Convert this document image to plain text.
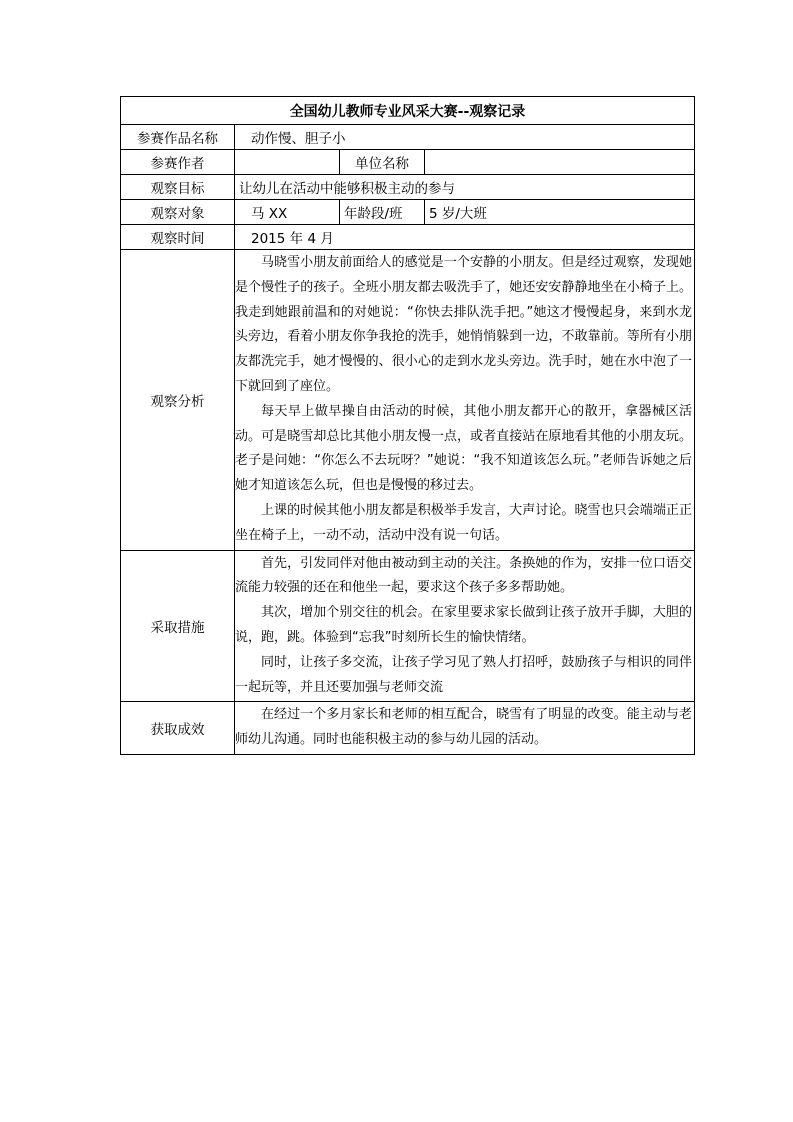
全国幼儿教师专业风采大赛--观察记录			
参赛作品名称	动作慢、胆子小		
参赛作者		单位名称	
观察目标	让幼儿在活动中能够积极主动的参与		
观察对象	马 XX	年龄段/班	5 岁/大班
观察时间	2015 年 4 月		
观察分析	马晓雪小朋友前面给人的感觉是一个安静的小朋友。但是经过观察，发现她是个慢性子的孩子。全班小朋友都去吸洗手了，她还安安静静地坐在小椅子上。我走到她跟前温和的对她说：“你快去排队洗手把。”她这才慢慢起身，来到水龙头旁边，看着小朋友你争我抢的洗手，她悄悄躲到一边，不敢靠前。等所有小朋友都洗完手，她才慢慢的、很小心的走到水龙头旁边。洗手时，她在水中泡了一下就回到了座位。

每天早上做早操自由活动的时候，其他小朋友都开心的散开，拿器械区活动。可是晓雪却总比其他小朋友慢一点，或者直接站在原地看其他的小朋友玩。老子是问她：“你怎么不去玩呀？”她说：“我不知道该怎么玩。”老师告诉她之后她才知道该怎么玩，但也是慢慢的移过去。

上课的时候其他小朋友都是积极举手发言，大声讨论。晓雪也只会端端正正坐在椅子上，一动不动，活动中没有说一句话。		

采取措施	首先，引发同伴对他由被动到主动的关注。条换她的作为，安排一位口语交流能力较强的还在和他坐一起，要求这个孩子多多帮助她。

其次，增加个别交往的机会。在家里要求家长做到让孩子放开手脚，大胆的说，跑，跳。体验到“忘我”时刻所长生的愉快情绪。

同时，让孩子多交流，让孩子学习见了熟人打招呼，鼓励孩子与相识的同伴一起玩等，并且还要加强与老师交流		

获取成效	在经过一个多月家长和老师的相互配合，晓雪有了明显的改变。能主动与老师幼儿沟通。同时也能积极主动的参与幼儿园的活动。		
